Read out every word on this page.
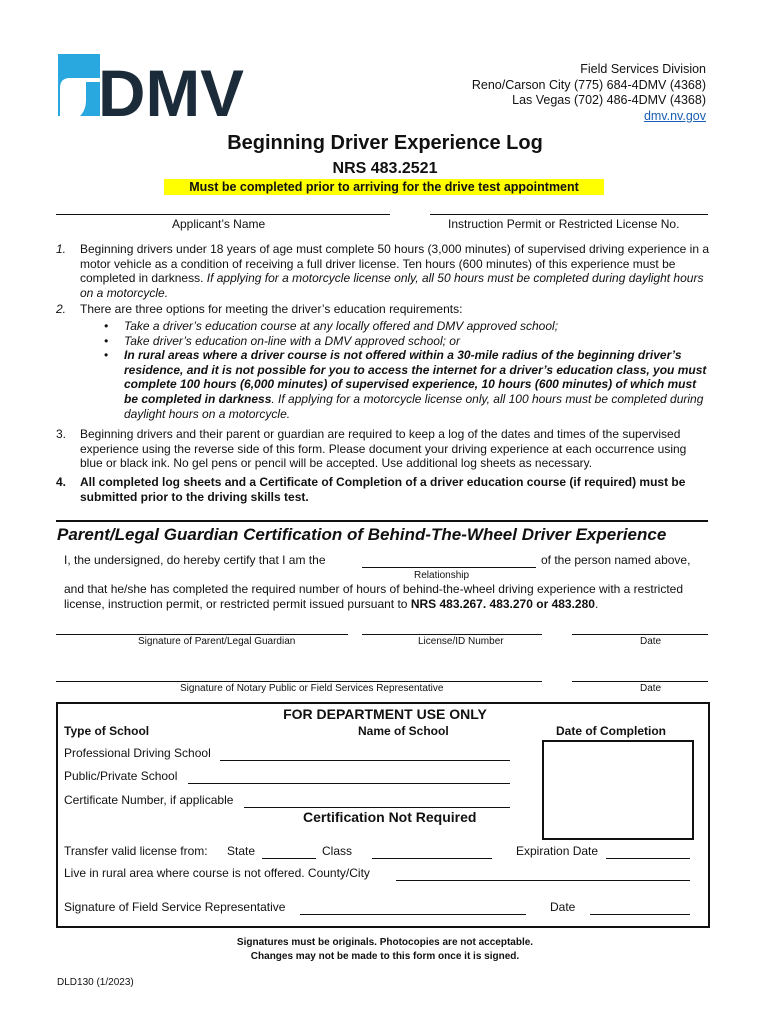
DMV	Field Services Division
Reno/Carson City (775) 684-4DMV (4368)
Las Vegas (702) 486-4DMV (4368)
dmv.nv.gov
Beginning Driver Experience Log
NRS 483.2521
Must be completed prior to arriving for the drive test appointment
Applicant’s Name	Instruction Permit or Restricted License No.
1. Beginning drivers under 18 years of age must complete 50 hours (3,000 minutes) of supervised driving experience in a motor vehicle as a condition of receiving a full driver license. Ten hours (600 minutes) of this experience must be completed in darkness. If applying for a motorcycle license only, all 50 hours must be completed during daylight hours on a motorcycle.
2. There are three options for meeting the driver’s education requirements:
• Take a driver’s education course at any locally offered and DMV approved school;
• Take driver’s education on-line with a DMV approved school; or
• In rural areas where a driver course is not offered within a 30-mile radius of the beginning driver’s residence, and it is not possible for you to access the internet for a driver’s education class, you must complete 100 hours (6,000 minutes) of supervised experience, 10 hours (600 minutes) of which must be completed in darkness. If applying for a motorcycle license only, all 100 hours must be completed during daylight hours on a motorcycle.
3. Beginning drivers and their parent or guardian are required to keep a log of the dates and times of the supervised experience using the reverse side of this form. Please document your driving experience at each occurrence using blue or black ink. No gel pens or pencil will be accepted. Use additional log sheets as necessary.
4. All completed log sheets and a Certificate of Completion of a driver education course (if required) must be submitted prior to the driving skills test.
Parent/Legal Guardian Certification of Behind-The-Wheel Driver Experience
I, the undersigned, do hereby certify that I am the	of the person named above,
Relationship
and that he/she has completed the required number of hours of behind-the-wheel driving experience with a restricted license, instruction permit, or restricted permit issued pursuant to NRS 483.267. 483.270 or 483.280.
Signature of Parent/Legal Guardian	License/ID Number	Date
Signature of Notary Public or Field Services Representative	Date
FOR DEPARTMENT USE ONLY
Type of School	Name of School	Date of Completion
Professional Driving School
Public/Private School
Certificate Number, if applicable
Certification Not Required
Transfer valid license from: State	Class	Expiration Date
Live in rural area where course is not offered. County/City
Signature of Field Service Representative	Date
Signatures must be originals. Photocopies are not acceptable.
Changes may not be made to this form once it is signed.
DLD130 (1/2023)
